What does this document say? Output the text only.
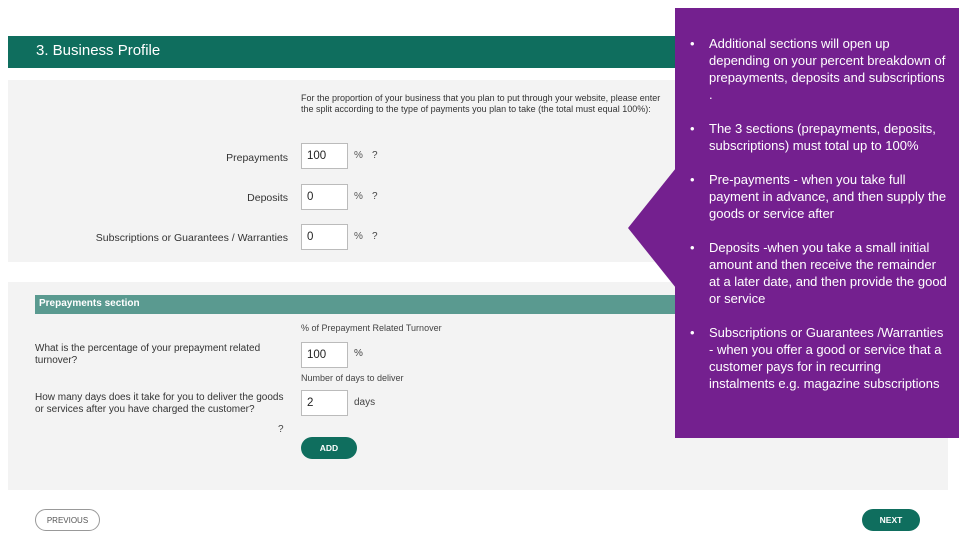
3. Business Profile
For the proportion of your business that you plan to put through your website, please enter the split according to the type of payments you plan to take (the total must equal 100%):
Prepayments
100	% ?
Deposits
0	% ?
Subscriptions or Guarantees / Warranties
0	% ?
Prepayments section
% of Prepayment Related Turnover
What is the percentage of your prepayment related turnover?
100
%
Number of days to deliver
How many days does it take for you to deliver the goods or services after you have charged the customer?
2
days
?
ADD
PREVIOUS	NEXT
• Additional sections will open up depending on your percent breakdown of prepayments, deposits and subscriptions .
• The 3 sections (prepayments, deposits, subscriptions) must total up to 100%
• Pre-payments - when you take full payment in advance, and then supply the goods or service after
• Deposits -when you take a small initial amount and then receive the remainder at a later date, and then provide the good or service
• Subscriptions or Guarantees /Warranties - when you offer a good or service that a customer pays for in recurring instalments e.g. magazine subscriptions
